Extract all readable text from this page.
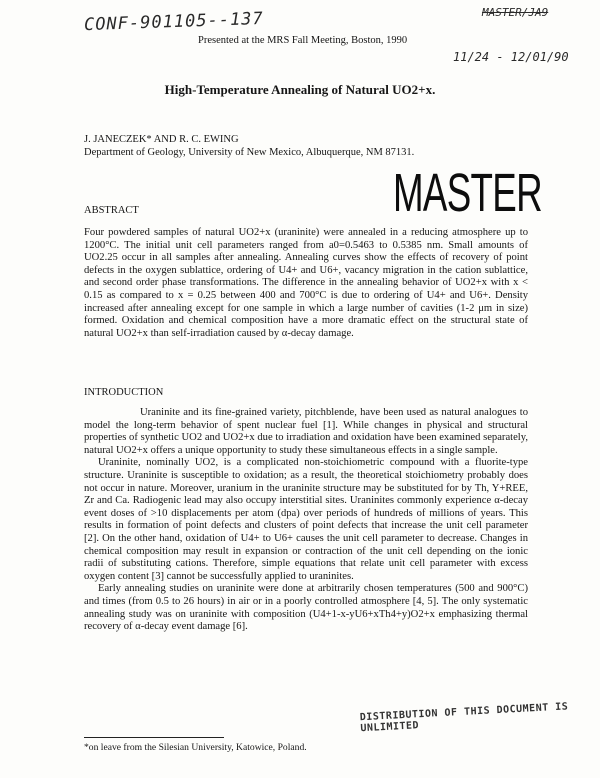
CONF-901105--137	MASTER/JA9
Presented at the MRS Fall Meeting, Boston, 1990
11/24 - 12/01/90
High-Temperature Annealing of Natural UO2+x.
J. JANECZEK* AND R. C. EWING
Department of Geology, University of New Mexico, Albuquerque, NM 87131.
MASTER
ABSTRACT
Four powdered samples of natural UO2+x (uraninite) were annealed in a reducing atmosphere up to 1200°C. The initial unit cell parameters ranged from a0=0.5463 to 0.5385 nm. Small amounts of UO2.25 occur in all samples after annealing. Annealing curves show the effects of recovery of point defects in the oxygen sublattice, ordering of U4+ and U6+, vacancy migration in the cation sublattice, and second order phase transformations. The difference in the annealing behavior of UO2+x with x < 0.15 as compared to x = 0.25 between 400 and 700°C is due to ordering of U4+ and U6+. Density increased after annealing except for one sample in which a large number of cavities (1-2 μm in size) formed. Oxidation and chemical composition have a more dramatic effect on the structural state of natural UO2+x than self-irradiation caused by α-decay damage.
INTRODUCTION

Uraninite and its fine-grained variety, pitchblende, have been used as natural analogues to model the long-term behavior of spent nuclear fuel [1]. While changes in physical and structural properties of synthetic UO2 and UO2+x due to irradiation and oxidation have been examined separately, natural UO2+x offers a unique opportunity to study these simultaneous effects in a single sample.

Uraninite, nominally UO2, is a complicated non-stoichiometric compound with a fluorite-type structure. Uraninite is susceptible to oxidation; as a result, the theoretical stoichiometry probably does not occur in nature. Moreover, uranium in the uraninite structure may be substituted for by Th, Y+REE, Zr and Ca. Radiogenic lead may also occupy interstitial sites. Uraninites commonly experience α-decay event doses of >10 displacements per atom (dpa) over periods of hundreds of millions of years. This results in formation of point defects and clusters of point defects that increase the unit cell parameter [2]. On the other hand, oxidation of U4+ to U6+ causes the unit cell parameter to decrease. Changes in chemical composition may result in expansion or contraction of the unit cell depending on the ionic radii of substituting cations. Therefore, simple equations that relate unit cell parameter with excess oxygen content [3] cannot be successfully applied to uraninites.

Early annealing studies on uraninite were done at arbitrarily chosen temperatures (500 and 900°C) and times (from 0.5 to 26 hours) in air or in a poorly controlled atmosphere [4, 5]. The only systematic annealing study was on uraninite with composition (U4+1-x-yU6+xTh4+y)O2+x emphasizing thermal recovery of α-decay event damage [6].

DISTRIBUTION OF THIS DOCUMENT IS UNLIMITED
*on leave from the Silesian University, Katowice, Poland.
